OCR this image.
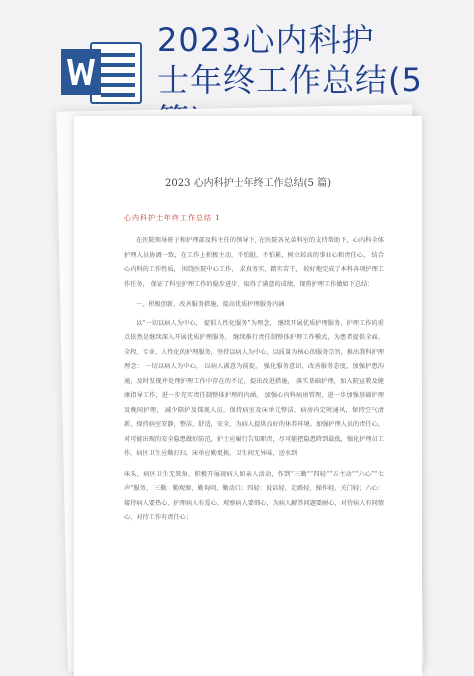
2023心内科护
士年终工作总结(5
2023 心内科护士年终工作总结(5 篇)
心内科护士年终工作总结 1

在医院领导班子和护理部及科主任的领导下, 在医院各兄弟科室的支持帮助下，心内科全体护理人员协调一致，在工作上积极主动，不怕脏，不怕累，树立较高的事业心和责任心， 结合心内科的工作性质， 围绕医院中心工作， 求真务实，踏实苦干， 较好地完成了本科各项护理工作任务， 保证了科室护理工作的稳步进步、取得了满意的成绩，现将护理工作做如下总结：

一、积极创新，改善服务措施，提高优质护理服务内涵

以“一切以病人为中心， 提倡人性化服务”为理念， 继续开展优质护理服务，护理工作的重点依然是继续深入开展优质护理服务， 继续推行责任制整体护理工作模式，为患者提供全面、全程、专业、人性化的护理服务，坚持以病人为中心，以质量为核心的服务宗旨，推出我科护理理念： 一切以病人为中心， 以病人满意为前提， 强化服务意识，改善服务态度，加强护患沟通，及时发现并处理护理工作中存在的不足，提出改进措施， 落实基础护理，加入院宣教及健康指导工作，进一步充实责任制整体护理的内涵。 加强心内科病房管理，进一步加强基础护理及晚间护理， 减少陪护及探视人员，保持病室及床单元整洁，病房内定时通风，保持空气清新，保持病室安静，整洁，舒适，安全，为病人提供良好的休养环境。加强护理人员的责任心， 对可能出现的安全隐患做好防范，护士应履行告知职责，尽可能把隐患降到最低，强化护理员工作，病区卫生应勤打扫，床单应勤更换，卫生间无异味，送水到

床头，病区卫生无死角，积极开展视病人如亲人活动，作到“三勤”“四轻”“五主动”“六心”“七声”服务， 三勤：勤观察、勤询问、勤动口；四轻：说话轻、走路轻、操作轻、关门轻；六心：接待病人要热心、护理病人有爱心、观察病人要细心，为病人解答问题要耐心，对待病人有同情心，对待工作有责任心；
